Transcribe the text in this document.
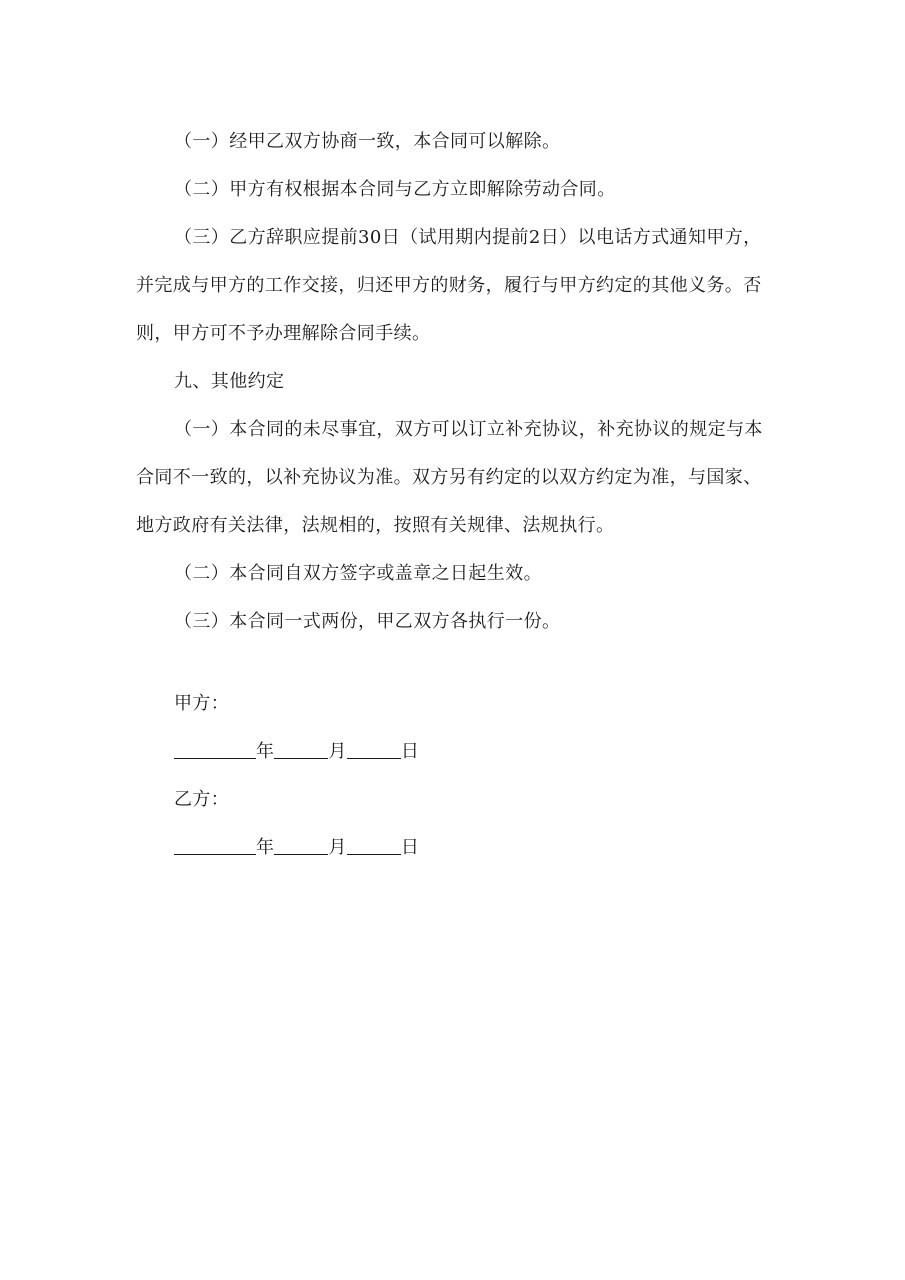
（一）经甲乙双方协商一致，本合同可以解除。

（二）甲方有权根据本合同与乙方立即解除劳动合同。

（三）乙方辞职应提前30日（试用期内提前2日）以电话方式通知甲方，并完成与甲方的工作交接，归还甲方的财务，履行与甲方约定的其他义务。否则，甲方可不予办理解除合同手续。

九、其他约定

（一）本合同的未尽事宜，双方可以订立补充协议，补充协议的规定与本合同不一致的，以补充协议为准。双方另有约定的以双方约定为准，与国家、地方政府有关法律，法规相的，按照有关规律、法规执行。

（二）本合同自双方签字或盖章之日起生效。

（三）本合同一式两份，甲乙双方各执行一份。

甲方：

年	月	日

乙方：

年	月	日
